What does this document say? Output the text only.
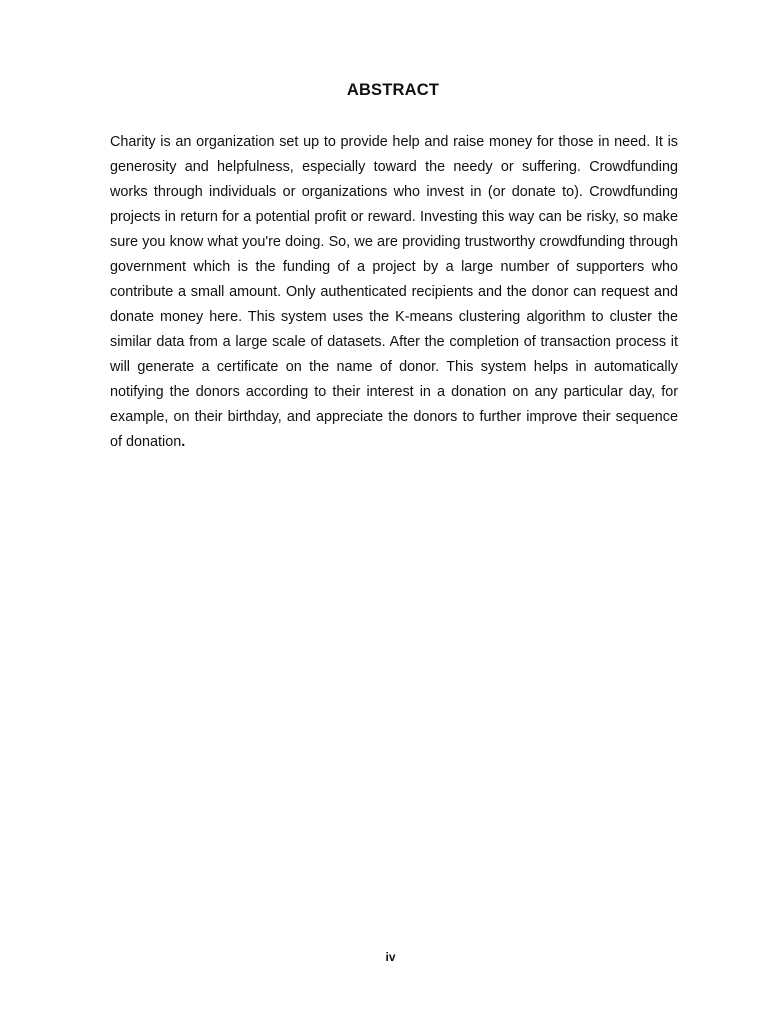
ABSTRACT

Charity is an organization set up to provide help and raise money for those in need. It is generosity and helpfulness, especially toward the needy or suffering. Crowdfunding works through individuals or organizations who invest in (or donate to). Crowdfunding projects in return for a potential profit or reward. Investing this way can be risky, so make sure you know what you're doing. So, we are providing trustworthy crowdfunding through government which is the funding of a project by a large number of supporters who contribute a small amount. Only authenticated recipients and the donor can request and donate money here. This system uses the K-means clustering algorithm to cluster the similar data from a large scale of datasets. After the completion of transaction process it will generate a certificate on the name of donor. This system helps in automatically notifying the donors according to their interest in a donation on any particular day, for example, on their birthday, and appreciate the donors to further improve their sequence of donation.

iv
